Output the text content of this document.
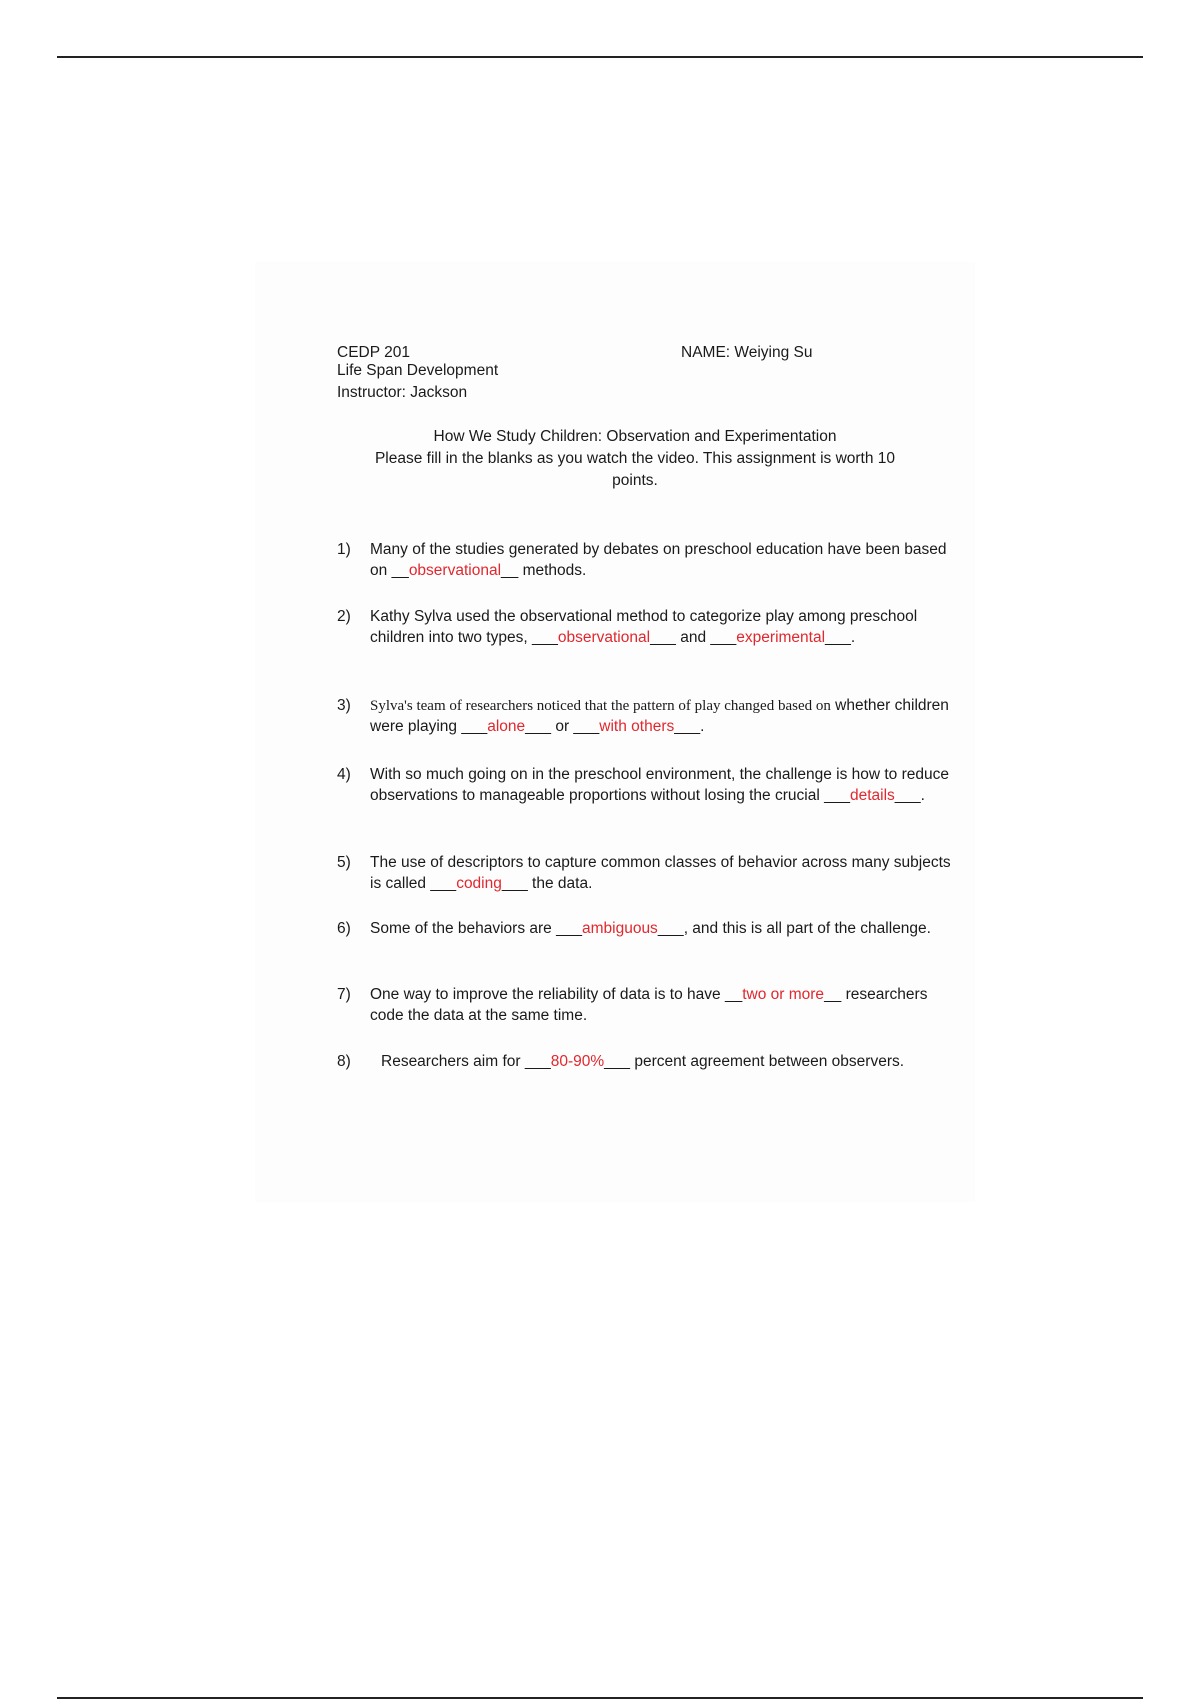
CEDP 201
Life Span Development
Instructor: Jackson
NAME: Weiying Su
How We Study Children: Observation and Experimentation
Please fill in the blanks as you watch the video. This assignment is worth 10
points.
1)	Many of the studies generated by debates on preschool education have been based on __observational__ methods.
2)	Kathy Sylva used the observational method to categorize play among preschool children into two types, ___observational___ and ___experimental___.
3)	Sylva's team of researchers noticed that the pattern of play changed based on whether children were playing ___alone___ or ___with others___.
4)	With so much going on in the preschool environment, the challenge is how to reduce observations to manageable proportions without losing the crucial ___details___.
5)	The use of descriptors to capture common classes of behavior across many subjects is called ___coding___ the data.
6)	Some of the behaviors are ___ambiguous___, and this is all part of the challenge.
7)	One way to improve the reliability of data is to have __two or more__ researchers code the data at the same time.
8)	Researchers aim for ___80-90%___ percent agreement between observers.
